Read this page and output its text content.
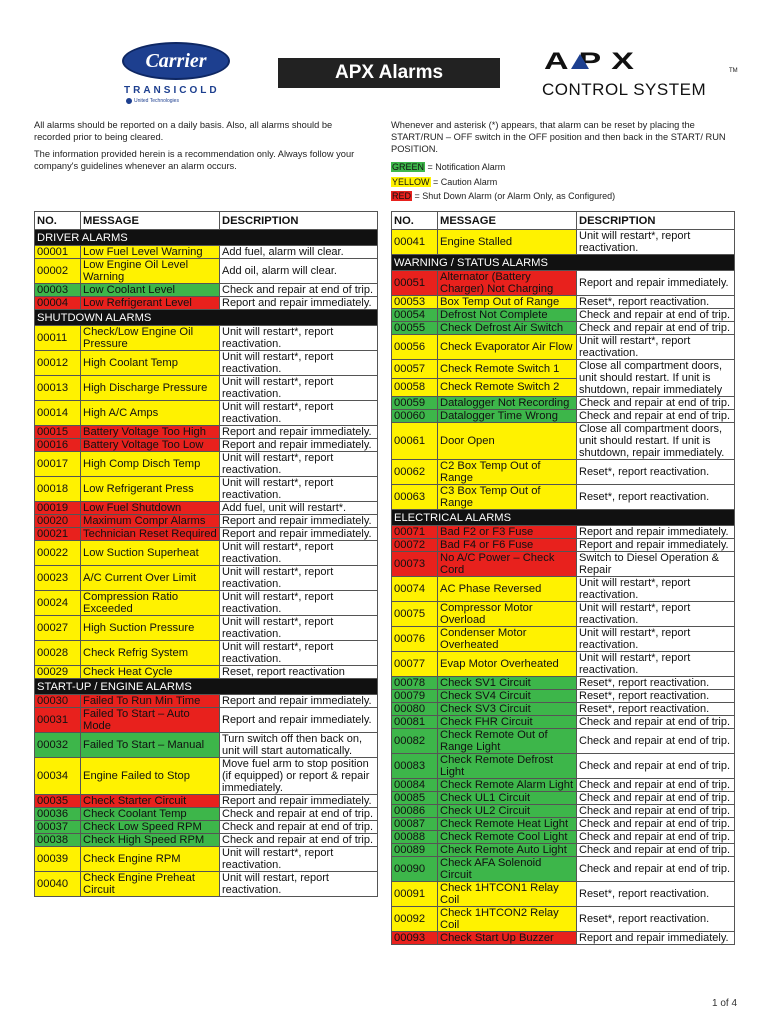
Carrier
TRANSICOLD
United Technologies
APX Alarms	APX	TM
CONTROL SYSTEM

All alarms should be reported on a daily basis. Also, all alarms should be recorded prior to being cleared.

The information provided herein is a recommendation only. Always follow your company's guidelines whenever an alarm occurs.

Whenever and asterisk (*) appears, that alarm can be reset by placing the START/RUN – OFF switch in the OFF position and then back in the START/ RUN POSITION.

GREEN = Notification Alarm
YELLOW = Caution Alarm
RED = Shut Down Alarm (or Alarm Only, as Configured)
NO.	MESSAGE	DESCRIPTION
DRIVER ALARMS		
00001	Low Fuel Level Warning	Add fuel, alarm will clear.
00002	Low Engine Oil Level Warning	Add oil, alarm will clear.
00003	Low Coolant Level	Check and repair at end of trip.
00004	Low Refrigerant Level	Report and repair immediately.
SHUTDOWN ALARMS		
00011	Check/Low Engine Oil Pressure	Unit will restart*, report reactivation.
00012	High Coolant Temp	Unit will restart*, report reactivation.
00013	High Discharge Pressure	Unit will restart*, report reactivation.
00014	High A/C Amps	Unit will restart*, report reactivation.
00015	Battery Voltage Too High	Report and repair immediately.
00016	Battery Voltage Too Low	Report and repair immediately.
00017	High Comp Disch Temp	Unit will restart*, report reactivation.
00018	Low Refrigerant Press	Unit will restart*, report reactivation.
00019	Low Fuel Shutdown	Add fuel, unit will restart*.
00020	Maximum Compr Alarms	Report and repair immediately.
00021	Technician Reset Required	Report and repair immediately.
00022	Low Suction Superheat	Unit will restart*, report reactivation.
00023	A/C Current Over Limit	Unit will restart*, report reactivation.
00024	Compression Ratio Exceeded	Unit will restart*, report reactivation.
00027	High Suction Pressure	Unit will restart*, report reactivation.
00028	Check Refrig System	Unit will restart*, report reactivation.
00029	Check Heat Cycle	Reset, report reactivation
START-UP / ENGINE ALARMS		
00030	Failed To Run Min Time	Report and repair immediately.
00031	Failed To Start – Auto Mode	Report and repair immediately.
00032	Failed To Start – Manual	Turn switch off then back on, unit will start automatically.
00034	Engine Failed to Stop	Move fuel arm to stop position (if equipped) or report & repair immediately.
00035	Check Starter Circuit	Report and repair immediately.
00036	Check Coolant Temp	Check and repair at end of trip.
00037	Check Low Speed RPM	Check and repair at end of trip.
00038	Check High Speed RPM	Check and repair at end of trip.
00039	Check Engine RPM	Unit will restart*, report reactivation.
00040	Check Engine Preheat Circuit	Unit will restart, report reactivation.
NO.	MESSAGE	DESCRIPTION
00041	Engine Stalled	Unit will restart*, report reactivation.
WARNING / STATUS ALARMS		
00051	Alternator (Battery Charger) Not Charging	Report and repair immediately.
00053	Box Temp Out of Range	Reset*, report reactivation.
00054	Defrost Not Complete	Check and repair at end of trip.
00055	Check Defrost Air Switch	Check and repair at end of trip.
00056	Check Evaporator Air Flow	Unit will restart*, report reactivation.
00057	Check Remote Switch 1	Close all compartment doors, unit should restart. If unit is shutdown, repair immediately
00058	Check Remote Switch 2	
00059	Datalogger Not Recording	Check and repair at end of trip.
00060	Datalogger Time Wrong	Check and repair at end of trip.
00061	Door Open	Close all compartment doors, unit should restart. If unit is shutdown, repair immediately.
00062	C2 Box Temp Out of Range	Reset*, report reactivation.
00063	C3 Box Temp Out of Range	Reset*, report reactivation.
ELECTRICAL ALARMS		
00071	Bad F2 or F3 Fuse	Report and repair immediately.
00072	Bad F4 or F6 Fuse	Report and repair immediately.
00073	No A/C Power – Check Cord	Switch to Diesel Operation & Repair
00074	AC Phase Reversed	Unit will restart*, report reactivation.
00075	Compressor Motor Overload	Unit will restart*, report reactivation.
00076	Condenser Motor Overheated	Unit will restart*, report reactivation.
00077	Evap Motor Overheated	Unit will restart*, report reactivation.
00078	Check SV1 Circuit	Reset*, report reactivation.
00079	Check SV4 Circuit	Reset*, report reactivation.
00080	Check SV3 Circuit	Reset*, report reactivation.
00081	Check FHR Circuit	Check and repair at end of trip.
00082	Check Remote Out of Range Light	Check and repair at end of trip.
00083	Check Remote Defrost Light	Check and repair at end of trip.
00084	Check Remote Alarm Light	Check and repair at end of trip.
00085	Check UL1 Circuit	Check and repair at end of trip.
00086	Check UL2 Circuit	Check and repair at end of trip.
00087	Check Remote Heat Light	Check and repair at end of trip.
00088	Check Remote Cool Light	Check and repair at end of trip.
00089	Check Remote Auto Light	Check and repair at end of trip.
00090	Check AFA Solenoid Circuit	Check and repair at end of trip.
00091	Check 1HTCON1 Relay Coil	Reset*, report reactivation.
00092	Check 1HTCON2 Relay Coil	Reset*, report reactivation.
00093	Check Start Up Buzzer	Report and repair immediately.
1 of 4
